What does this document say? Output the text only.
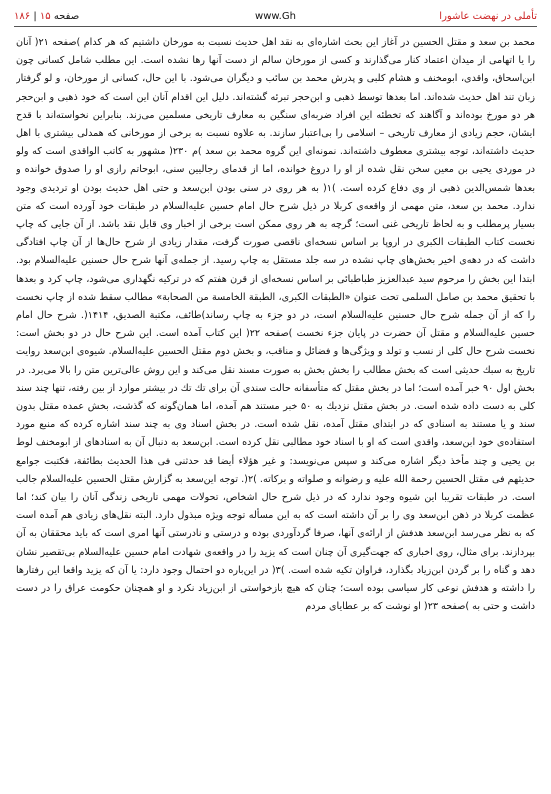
صفحه ۱۵ | ۱۸۶	www.Gh	تأملی در نهضت عاشورا

محمد بن سعد و مقتل الحسين در آغاز اين بحث اشاره‌اى به نقد اهل حديث نسبت به مورخان داشتيم كه هر كدام )صفحه ۲۱( آنان را يا اتهامى از ميدان اعتماد كنار مى‌گذارند و كسى از مورخان سالم از دست آنها رها نشده است. اين مطلب شامل كسانى چون ابن‌اسحاق، واقدى، ابومخنف و هشام كلبى و پدرش محمد بن سائب و ديگران مى‌شود. با اين حال، كسانى از مورخان، و لو گرفتار زبان تند اهل حديث شده‌اند. اما بعدها توسط ذهبى و ابن‌حجر تبرئه گشته‌اند. دليل اين اقدام آنان اين است كه خود ذهبى و ابن‌حجر هر دو مورخ بوده‌اند و آگاهند كه تخطئه اين افراد ضربه‌اى سنگين به معارف تاريخى مسلمين مى‌زند. بنابراين نخواسته‌اند با قدح ايشان، حجم زيادى از معارف تاريخى – اسلامى را بى‌اعتبار سازند. به علاوه نسبت به برخى از مورخانى كه همدلى بيشترى با اهل حديث داشته‌اند، توجه بيشترى معطوف داشته‌اند. نمونه‌اى اين گروه محمد بن سعد )م ۲۳۰( مشهور به كاتب الواقدى است كه ولو در موردى يحيى بن معين سخن نقل شده از او را دروغ خوانده، اما از قدماى رجاليين سنى، ابوحاتم رازى او را صدوق خوانده و بعدها شمس‌الدين ذهبى از وى دفاع كرده است. )۱( به هر روى در سنى بودن ابن‌سعد و حتى اهل حديث بودن او ترديدى وجود ندارد. محمد بن سعد، متن مهمى از واقعه‌ى كربلا در ذيل شرح حال امام حسين عليه‌السلام در طبقات خود آورده است كه متن بسيار پرمطلب و به لحاظ تاريخى غنى است؛ گرچه به هر روى ممكن است برخى از اخبار وى قابل نقد باشد. از آن جايى كه چاپ نخست كتاب الطبقات الكبرى در اروپا بر اساس نسخه‌اى ناقصى صورت گرفت، مقدار زيادى از شرح حال‌ها از آن چاپ افتادگى داشت كه در دهه‌ى اخير بخش‌هاى چاپ نشده در سه جلد مستقل به چاپ رسيد. از جمله‌ى آنها شرح حال حسنين عليه‌السلام بود. ابتدا اين بخش را مرحوم سيد عبدالعزيز طباطبائى بر اساس نسخه‌اى از قرن هفتم كه در تركيه نگهدارى مى‌شود، چاپ كرد و بعدها با تحقيق محمد بن صامل السلمى تحت عنوان «الطبقات الكبرى، الطبقة الخامسة من الصحابة» مطالب سقط شده از چاپ نخست را كه از آن جمله شرح حال حسنين عليه‌السلام است، در دو جزء به چاپ رساند)طائف، مكتبة الصديق، ۱۴۱۴(. شرح حال امام حسين عليه‌السلام و مقتل آن حضرت در پايان جزء نخست )صفحه ۲۲( اين كتاب آمده است. اين شرح حال در دو بخش است: نخست شرح حال كلى از نسب و تولد و ويژگى‌ها و فضائل و مناقب، و بخش دوم مقتل الحسين عليه‌السلام. شيوه‌ى ابن‌سعد روايت تاريخ به سبك حديثى است كه بخش مطالب را بخش بخش به صورت مسند نقل مى‌كند و اين روش عالى‌ترين متن را بالا مى‌برد. در بخش اول ۹۰ خبر آمده است؛ اما در بخش مقتل كه متأسفانه حالت سندى آن براى تك تك در بيشتر موارد از بين رفته، تنها چند سند كلى به دست داده شده است. در بخش مقتل نزديك به ۵۰ خبر مستند هم آمده، اما همان‌گونه كه گذشت، بخش عمده مقتل بدون سند و يا مستند به اسنادى كه در ابتداى مقتل آمده، نقل شده است. در بخش اسناد وى به چند سند اشاره كرده كه منبع مورد استفاده‌ى خود ابن‌سعد، واقدى است كه او با اسناد خود مطالبى نقل كرده است. ابن‌سعد به دنبال آن به اسنادهاى از ابومخنف لوط بن يحيى و چند مأخذ ديگر اشاره مى‌كند و سپس مى‌نويسد: و غير هؤلاء أيضا قد حدثنى فى هذا الحديث بطائفة، فكتبت جوامع حديثهم فى مقتل الحسين رحمة الله عليه و رضوانه و صلواته و بركاته. )۲(. توجه اين‌سعد به گزارش مقتل الحسين عليه‌السلام جالب است. در طبقات تقريبا اين شيوه وجود ندارد كه در ذيل شرح حال اشخاص، تحولات مهمى تاريخى زندگى آنان را بيان كند؛ اما عظمت كربلا در ذهن ابن‌سعد وى را بر آن داشته است كه به اين مسأله توجه ويژه مبذول دارد. البته نقل‌هاى زيادى هم آمده است كه به نظر مى‌رسد ابن‌سعد هدفش از ارائه‌ى آنها، صرفا گردآوردى بوده و درستى و نادرستى آنها امرى است كه بايد محققان به آن بپردازند. براى مثال، روى اخبارى كه جهت‌گيرى آن چنان است كه يزيد را در واقعه‌ى شهادت امام حسين عليه‌السلام بى‌تقصير نشان دهد و گناه را بر گردن ابن‌زياد بگذارد، فراوان تكيه شده است. )۳( در اين‌باره دو احتمال وجود دارد: يا آن كه يزيد واقعا اين رفتارها را داشته و هدفش نوعى كار سياسى بوده است؛ چنان كه هيچ بازخواستى از ابن‌زياد نكرد و او همچنان حكومت عراق را در دست داشت و حتى به )صفحه ۲۳( او نوشت كه بر عطاياى مردم
